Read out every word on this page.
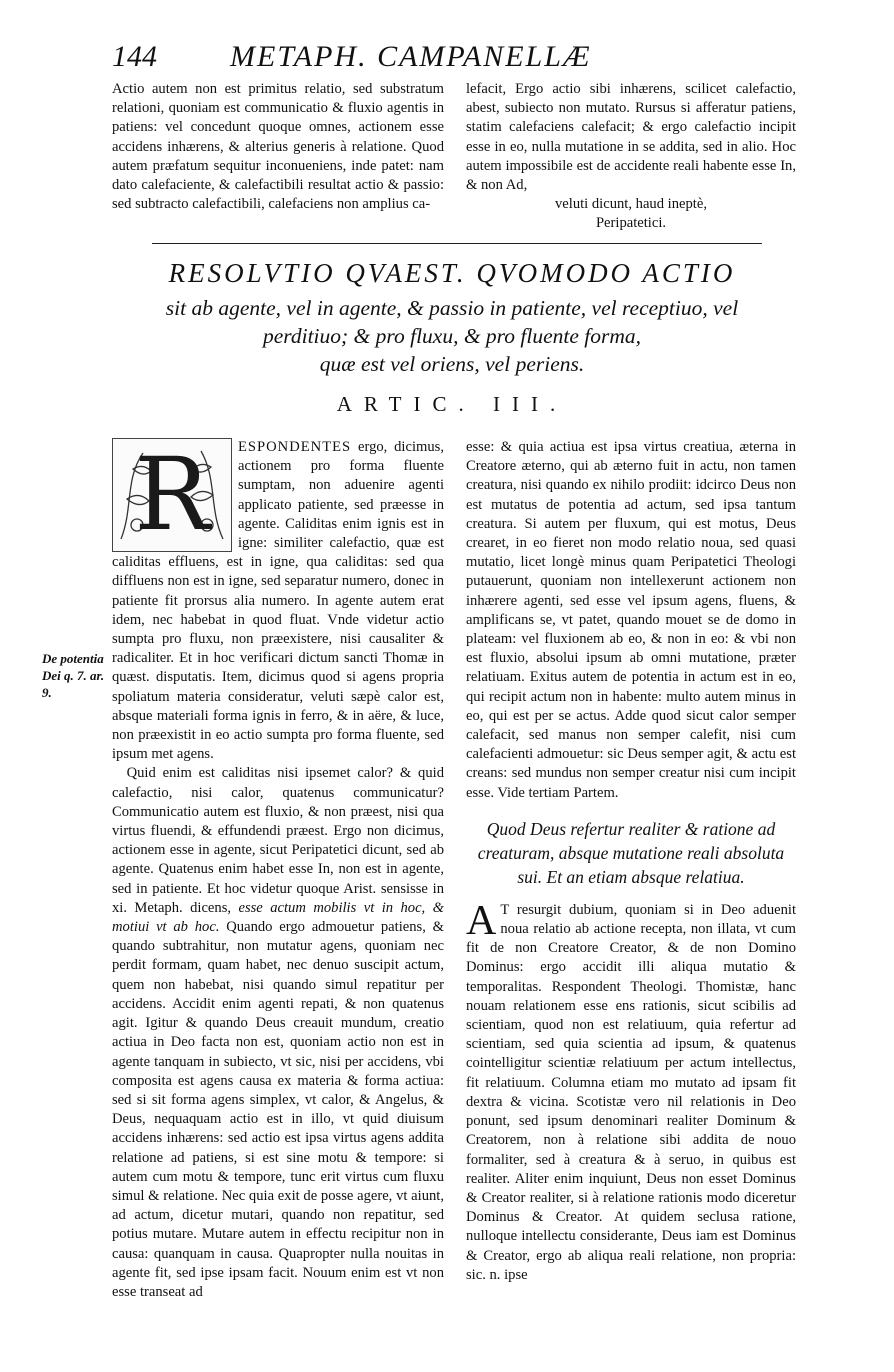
144 METAPH. CAMPANELLÆ

Actio autem non est primitus relatio, sed substratum relationi, quoniam est communicatio & fluxio agentis in patiens: vel concedunt quoque omnes, actionem esse accidens inhærens, & alterius generis à relatione. Quod autem præfatum sequitur inconueniens, inde patet: nam dato calefaciente, & calefactibili resultat actio & passio: sed subtracto calefactibili, calefaciens non amplius ca-

lefacit, Ergo actio sibi inhærens, scilicet calefactio, abest, subiecto non mutato. Rursus si afferatur patiens, statim calefaciens calefacit; & ergo calefactio incipit esse in eo, nulla mutatione in se addita, sed in alio. Hoc autem impossibile est de accidente reali habente esse In, & non Ad,

veluti dicunt, haud ineptè,

Peripatetici.

RESOLVTIO QVAEST. QVOMODO ACTIO
sit ab agente, vel in agente, & passio in patiente, vel receptiuo, vel
perditiuo; & pro fluxu, & pro fluente forma,
quæ est vel oriens, vel periens.
ARTIC. III.
De potentia Dei q. 7. ar. 9.
R	ESPONDENTES ergo, dicimus, actionem pro forma fluente sumptam, non aduenire agenti applicato patiente, sed præesse in agente. Caliditas enim ignis est in igne: similiter calefactio, quæ est caliditas effluens, est in igne, qua caliditas: sed qua diffluens non est in igne, sed separatur numero, donec in patiente fit prorsus alia numero. In agente autem erat idem, nec habebat in quod fluat. Vnde videtur actio sumpta pro fluxu, non præexistere, nisi causaliter & radicaliter. Et in hoc verificari dictum sancti Thomæ in quæst. disputatis. Item, dicimus quod si agens propria spoliatum materia consideratur, veluti sæpè calor est, absque materiali forma ignis in ferro, & in aëre, & luce, non præexistit in eo actio sumpta pro forma fluente, sed ipsum met agens.

Quid enim est caliditas nisi ipsemet calor? & quid calefactio, nisi calor, quatenus communicatur? Communicatio autem est fluxio, & non præest, nisi qua virtus fluendi, & effundendi præest. Ergo non dicimus, actionem esse in agente, sicut Peripatetici dicunt, sed ab agente. Quatenus enim habet esse In, non est in agente, sed in patiente. Et hoc videtur quoque Arist. sensisse in xi. Metaph. dicens, esse actum mobilis vt in hoc, & motiui vt ab hoc. Quando ergo admouetur patiens, & quando subtrahitur, non mutatur agens, quoniam nec perdit formam, quam habet, nec denuo suscipit actum, quem non habebat, nisi quando simul repatitur per accidens. Accidit enim agenti repati, & non quatenus agit. Igitur & quando Deus creauit mundum, creatio actiua in Deo facta non est, quoniam actio non est in agente tanquam in subiecto, vt sic, nisi per accidens, vbi composita est agens causa ex materia & forma actiua: sed si sit forma agens simplex, vt calor, & Angelus, & Deus, nequaquam actio est in illo, vt quid diuisum accidens inhærens: sed actio est ipsa virtus agens addita relatione ad patiens, si est sine motu & tempore: si autem cum motu & tempore, tunc erit virtus cum fluxu simul & relatione. Nec quia exit de posse agere, vt aiunt, ad actum, dicetur mutari, quando non repatitur, sed potius mutare. Mutare autem in effectu recipitur non in causa: quanquam in causa. Quapropter nulla nouitas in agente fit, sed ipse ipsam facit. Nouum enim est vt non esse transeat ad

esse: & quia actiua est ipsa virtus creatiua, æterna in Creatore æterno, qui ab æterno fuit in actu, non tamen creatura, nisi quando ex nihilo prodiit: idcirco Deus non est mutatus de potentia ad actum, sed ipsa tantum creatura. Si autem per fluxum, qui est motus, Deus crearet, in eo fieret non modo relatio noua, sed quasi mutatio, licet longè minus quam Peripatetici Theologi putauerunt, quoniam non intellexerunt actionem non inhærere agenti, sed esse vel ipsum agens, fluens, & amplificans se, vt patet, quando mouet se de domo in plateam: vel fluxionem ab eo, & non in eo: & vbi non est fluxio, absolui ipsum ab omni mutatione, præter relatiuam. Exitus autem de potentia in actum est in eo, qui recipit actum non in habente: multo autem minus in eo, qui est per se actus. Adde quod sicut calor semper calefacit, sed manus non semper calefit, nisi cum calefacienti admouetur: sic Deus semper agit, & actu est creans: sed mundus non semper creatur nisi cum incipit esse. Vide tertiam Partem.

Quod Deus refertur realiter & ratione ad creaturam, absque mutatione reali absoluta sui. Et an etiam absque relatiua.

A T resurgit dubium, quoniam si in Deo aduenit noua relatio ab actione recepta, non illata, vt cum fit de non Creatore Creator, & de non Domino Dominus: ergo accidit illi aliqua mutatio & temporalitas. Respondent Theologi. Thomistæ, hanc nouam relationem esse ens rationis, sicut scibilis ad scientiam, quod non est relatiuum, quia refertur ad scientiam, sed quia scientia ad ipsum, & quatenus cointelligitur scientiæ relatiuum per actum intellectus, fit relatiuum. Columna etiam mo mutato ad ipsam fit dextra & vicina. Scotistæ vero nil relationis in Deo ponunt, sed ipsum denominari realiter Dominum & Creatorem, non à relatione sibi addita de nouo formaliter, sed à creatura & à seruo, in quibus est realiter. Aliter enim inquiunt, Deus non esset Dominus & Creator realiter, si à relatione rationis modo diceretur Dominus & Creator. At quidem seclusa ratione, nulloque intellectu considerante, Deus iam est Dominus & Creator, ergo ab aliqua reali relatione, non propria: sic. n. ipse
